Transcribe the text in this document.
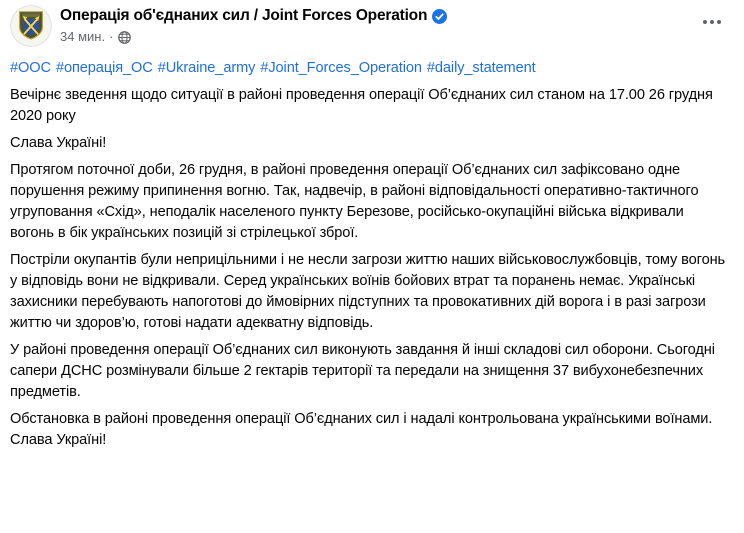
Операція об'єднаних сил / Joint Forces Operation
34 мин. ·

#ООС #операція_ОС #Ukraine_army #Joint_Forces_Operation #daily_statement

Вечірнє зведення щодо ситуації в районі проведення операції Об’єднаних сил станом на 17.00 26 грудня 2020 року
Слава Україні!
Протягом поточної доби, 26 грудня, в районі проведення операції Об’єднаних сил зафіксовано одне порушення режиму припинення вогню. Так, надвечір, в районі відповідальності оперативно-тактичного угруповання «Схід», неподалік населеного пункту Березове, російсько-окупаційні війська відкривали вогонь в бік українських позицій зі стрілецької зброї.
Постріли окупантів були неприцільними і не несли загрози життю наших військовослужбовців, тому вогонь у відповідь вони не відкривали. Серед українських воїнів бойових втрат та поранень немає. Українські захисники перебувають напоготові до ймовірних підступних та провокативних дій ворога і в разі загрози життю чи здоров’ю, готові надати адекватну відповідь.
У районі проведення операції Об’єднаних сил виконують завдання й інші складові сил оборони. Сьогодні сапери ДСНС розмінували більше 2 гектарів території та передали на знищення 37 вибухонебезпечних предметів.
Обстановка в районі проведення операції Об’єднаних сил і надалі контрольована українськими воїнами.
Слава Україні!
